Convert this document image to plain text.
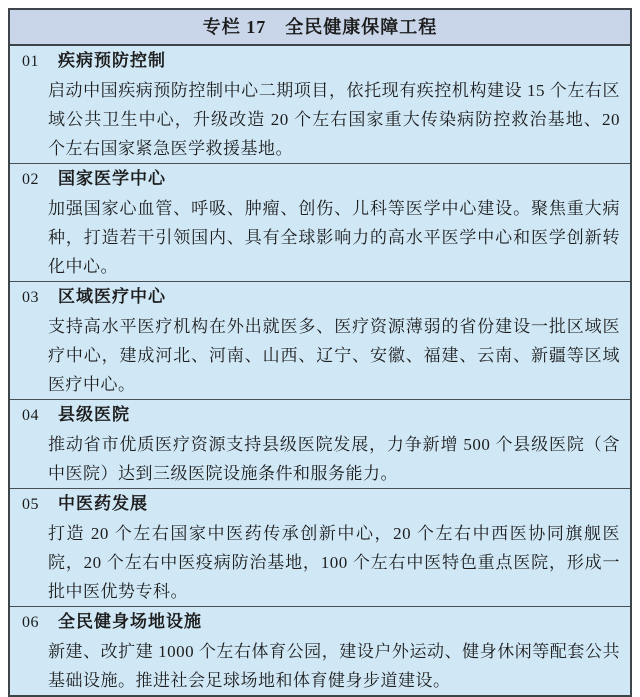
专栏 17　全民健康保障工程
01	疾病预防控制
启动中国疾病预防控制中心二期项目，依托现有疾控机构建设 15 个左右区域公共卫生中心，升级改造 20 个左右国家重大传染病防控救治基地、20 个左右国家紧急医学救援基地。
02	国家医学中心
加强国家心血管、呼吸、肿瘤、创伤、儿科等医学中心建设。聚焦重大病种，打造若干引领国内、具有全球影响力的高水平医学中心和医学创新转化中心。
03	区域医疗中心
支持高水平医疗机构在外出就医多、医疗资源薄弱的省份建设一批区域医疗中心，建成河北、河南、山西、辽宁、安徽、福建、云南、新疆等区域医疗中心。
04	县级医院
推动省市优质医疗资源支持县级医院发展，力争新增 500 个县级医院（含中医院）达到三级医院设施条件和服务能力。
05	中医药发展
打造 20 个左右国家中医药传承创新中心，20 个左右中西医协同旗舰医院，20 个左右中医疫病防治基地，100 个左右中医特色重点医院，形成一批中医优势专科。
06	全民健身场地设施
新建、改扩建 1000 个左右体育公园，建设户外运动、健身休闲等配套公共基础设施。推进社会足球场地和体育健身步道建设。
